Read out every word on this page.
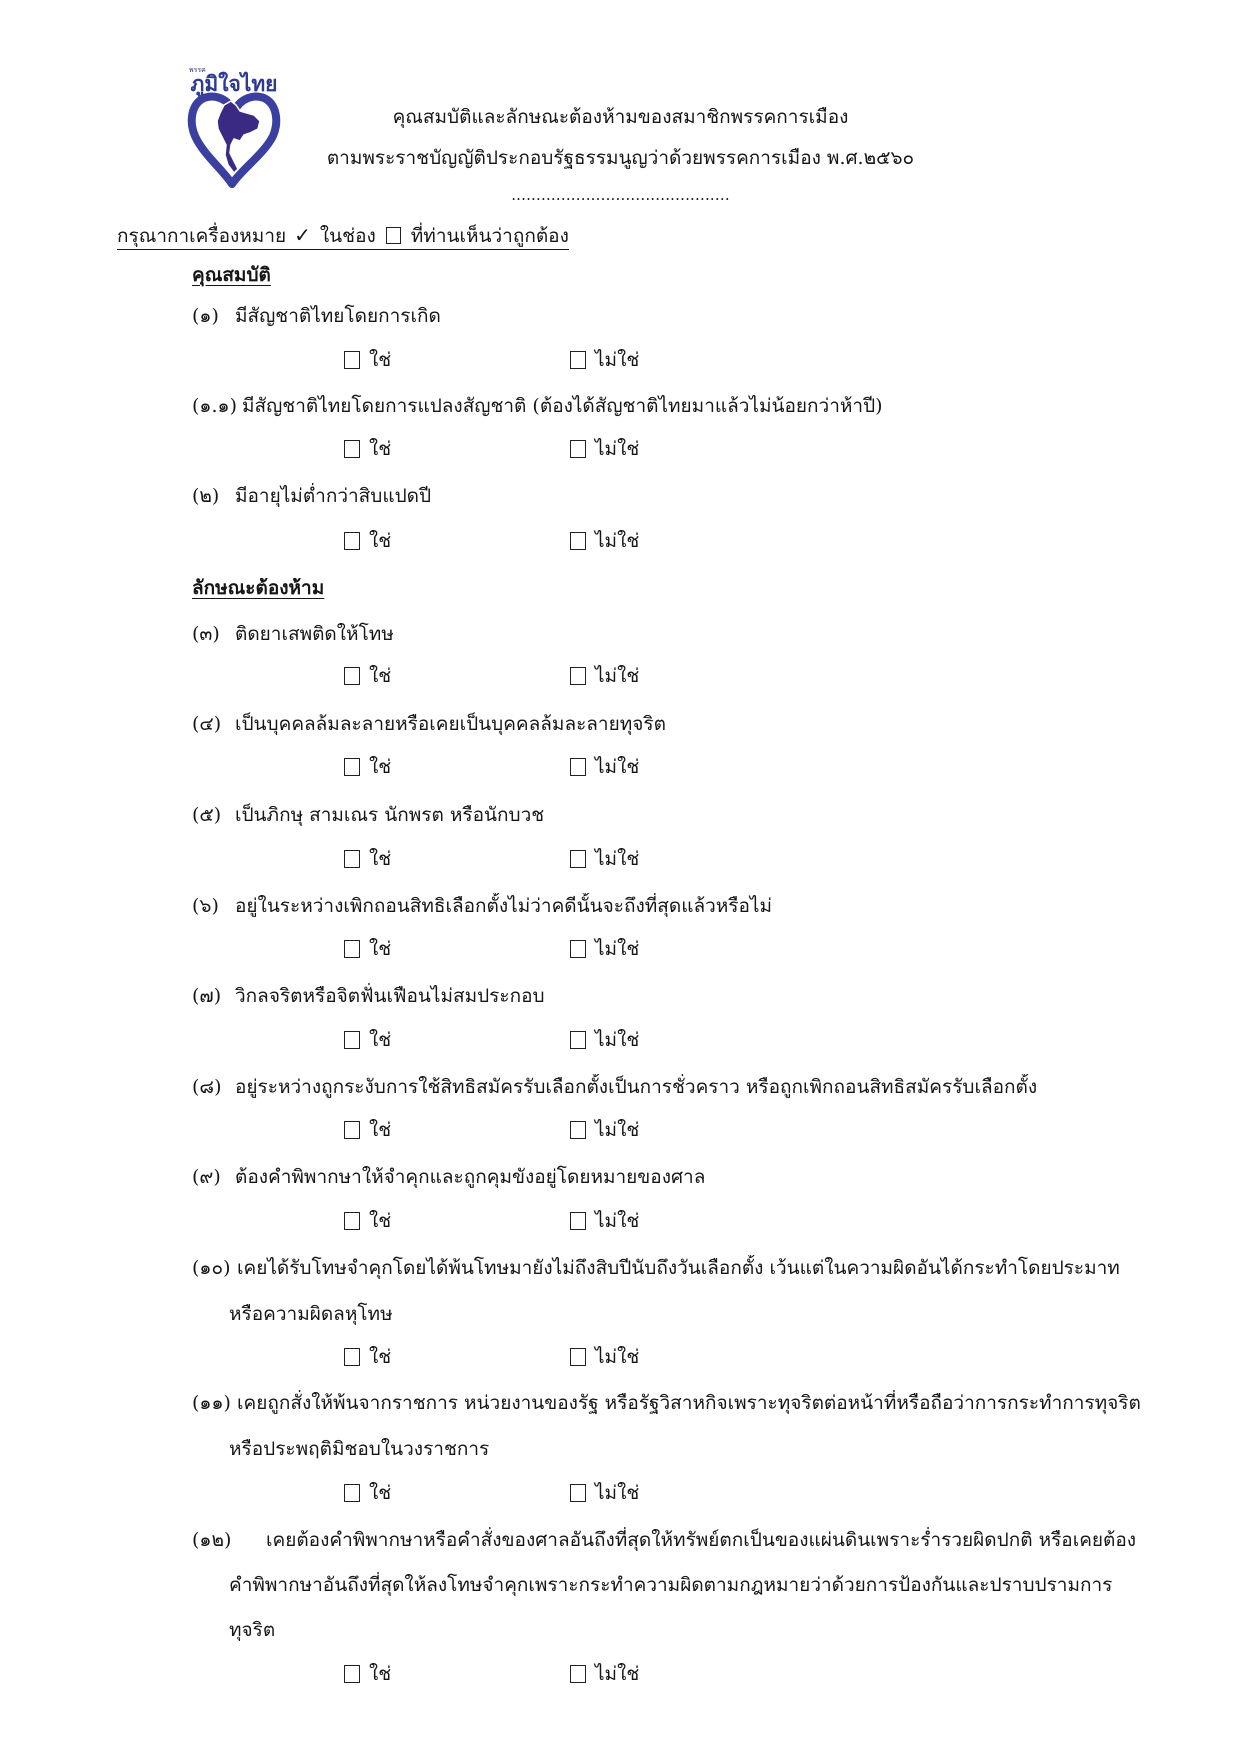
พรรค
ภูมิใจไทย
คุณสมบัติและลักษณะต้องห้ามของสมาชิกพรรคการเมือง
ตามพระราชบัญญัติประกอบรัฐธรรมนูญว่าด้วยพรรคการเมือง พ.ศ.๒๕๖๐
............................................
กรุณากาเครื่องหมาย ✓ ในช่อง ที่ท่านเห็นว่าถูกต้อง
คุณสมบัติ
(๑) มีสัญชาติไทยโดยการเกิด
ใช่	ไม่ใช่
(๑.๑) มีสัญชาติไทยโดยการแปลงสัญชาติ (ต้องได้สัญชาติไทยมาแล้วไม่น้อยกว่าห้าปี)
ใช่	ไม่ใช่
(๒) มีอายุไม่ต่ำกว่าสิบแปดปี
ใช่	ไม่ใช่
ลักษณะต้องห้าม
(๓) ติดยาเสพติดให้โทษ
ใช่	ไม่ใช่
(๔) เป็นบุคคลล้มละลายหรือเคยเป็นบุคคลล้มละลายทุจริต
ใช่	ไม่ใช่
(๕) เป็นภิกษุ สามเณร นักพรต หรือนักบวช
ใช่	ไม่ใช่
(๖) อยู่ในระหว่างเพิกถอนสิทธิเลือกตั้งไม่ว่าคดีนั้นจะถึงที่สุดแล้วหรือไม่
ใช่	ไม่ใช่
(๗) วิกลจริตหรือจิตฟั่นเฟือนไม่สมประกอบ
ใช่	ไม่ใช่
(๘) อยู่ระหว่างถูกระงับการใช้สิทธิสมัครรับเลือกตั้งเป็นการชั่วคราว หรือถูกเพิกถอนสิทธิสมัครรับเลือกตั้ง
ใช่	ไม่ใช่
(๙) ต้องคำพิพากษาให้จำคุกและถูกคุมขังอยู่โดยหมายของศาล
ใช่	ไม่ใช่
(๑๐) เคยได้รับโทษจำคุกโดยได้พ้นโทษมายังไม่ถึงสิบปีนับถึงวันเลือกตั้ง เว้นแต่ในความผิดอันได้กระทำโดยประมาท
หรือความผิดลหุโทษ
ใช่	ไม่ใช่
(๑๑) เคยถูกสั่งให้พ้นจากราชการ หน่วยงานของรัฐ หรือรัฐวิสาหกิจเพราะทุจริตต่อหน้าที่หรือถือว่าการกระทำการทุจริต
หรือประพฤติมิชอบในวงราชการ
ใช่	ไม่ใช่
(๑๒) เคยต้องคำพิพากษาหรือคำสั่งของศาลอันถึงที่สุดให้ทรัพย์ตกเป็นของแผ่นดินเพราะร่ำรวยผิดปกติ หรือเคยต้อง
คำพิพากษาอันถึงที่สุดให้ลงโทษจำคุกเพราะกระทำความผิดตามกฎหมายว่าด้วยการป้องกันและปราบปรามการ
ทุจริต
ใช่	ไม่ใช่
